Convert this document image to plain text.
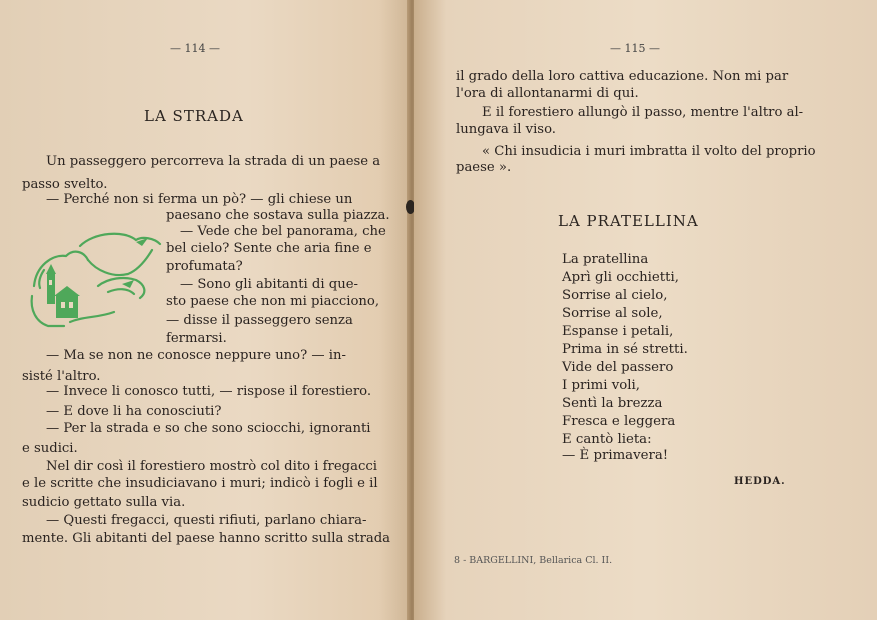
— 114 —
LA STRADA
Un passeggero percorreva la strada di un paese a
passo svelto.
— Perché non si ferma un pò? — gli chiese un
paesano che sostava sulla piazza.
— Vede che bel panorama, che
bel cielo? Sente che aria fine e
profumata?
— Sono gli abitanti di que-
sto paese che non mi piacciono,
— disse il passeggero senza
fermarsi.
— Ma se non ne conosce neppure uno? — in-
sisté l'altro.
— Invece li conosco tutti, — rispose il forestiero.
— E dove li ha conosciuti?
— Per la strada e so che sono sciocchi, ignoranti
e sudici.
Nel dir così il forestiero mostrò col dito i fregacci
e le scritte che insudiciavano i muri; indicò i fogli e il
sudicio gettato sulla via.
— Questi fregacci, questi rifiuti, parlano chiara-
mente. Gli abitanti del paese hanno scritto sulla strada
— 115 —
il grado della loro cattiva educazione. Non mi par
l'ora di allontanarmi di qui.
E il forestiero allungò il passo, mentre l'altro al-
lungava il viso.
« Chi insudicia i muri imbratta il volto del proprio
paese ».
LA PRATELLINA
La pratellina
Aprì gli occhietti,
Sorrise al cielo,
Sorrise al sole,
Espanse i petali,
Prima in sé stretti.
Vide del passero
I primi voli,
Sentì la brezza
Fresca e leggera
E cantò lieta:
— È primavera!
HEDDA.
8 - BARGELLINI, Bellarica Cl. II.
